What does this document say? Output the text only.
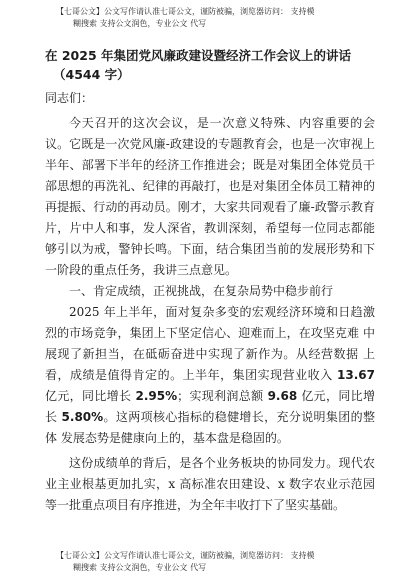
【七哥公文】公文写作请认准七哥公文，谨防被骗，浏览器访问： 支持模
糊搜索 支持公文润色，专业公文 代写
在 2025 年集团党风廉政建设暨经济工作会议上的讲话
（4544 字）

同志们：

今天召开的这次会议，是一次意义特殊、内容重要的会议。它既是一次党风廉-政建设的专题教育会，也是一次审视上半年、部署下半年的经济工作推进会；既是对集团全体党员干部思想的再洗礼、纪律的再敲打，也是对集团全体员工精神的再提振、行动的再动员。刚才，大家共同观看了廉-政警示教育片，片中人和事，发人深省，教训深刻，希望每一位同志都能够引以为戒，警钟长鸣。下面，结合集团当前的发展形势和下一阶段的重点任务，我讲三点意见。

一、肯定成绩，正视挑战，在复杂局势中稳步前行

2025 年上半年，面对复杂多变的宏观经济环境和日趋激 烈的市场竞争，集团上下坚定信心、迎难而上，在攻坚克难 中展现了新担当，在砥砺奋进中实现了新作为。从经营数据 上看，成绩是值得肯定的。上半年，集团实现营业收入 13.67 亿元，同比增长 2.95%；实现利润总额 9.68 亿元，同比增长 5.80%。这两项核心指标的稳健增长，充分说明集团的整体 发展态势是健康向上的，基本盘是稳固的。

这份成绩单的背后，是各个业务板块的协同发力。现代农业主业根基更加扎实，x 高标准农田建设、x 数字农业示范园等一批重点项目有序推进，为全年丰收打下了坚实基础。

【七哥公文】公文写作请认准七哥公文，谨防被骗，浏览器访问： 支持模
糊搜索 支持公文润色，专业公文 代写
